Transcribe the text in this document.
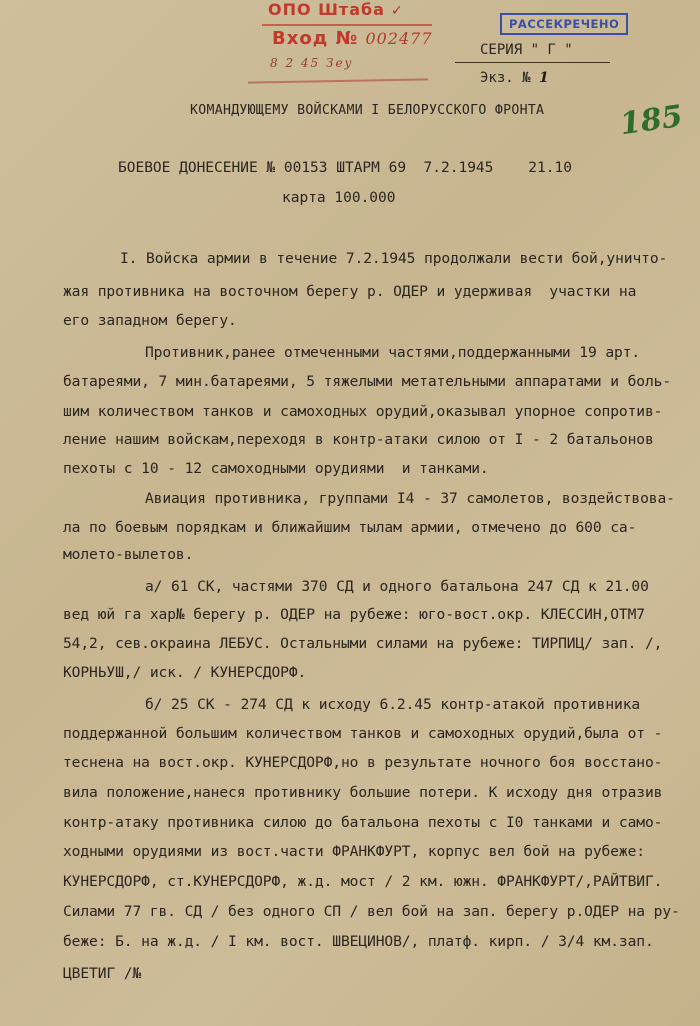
ОПО Штаба ✓
Вход № 002477
8 2 45 Зеу
РАССЕКРЕЧЕНО
СЕРИЯ " Г "
Экз. № 1
185
КОМАНДУЮЩЕМУ ВОЙСКАМИ I БЕЛОРУССКОГО ФРОНТА
БОЕВОЕ ДОНЕСЕНИЕ № 00153 ШТАРМ 69  7.2.1945    21.10
карта 100.000
I. Войска армии в течение 7.2.1945 продолжали вести бой,уничто-
жая противника на восточном берегу р. ОДЕР и удерживая  участки на
его западном берегу.
Противник,ранее отмеченными частями,поддержанными 19 арт.
батареями, 7 мин.батареями, 5 тяжелыми метательными аппаратами и боль-
шим количеством танков и самоходных орудий,оказывал упорное сопротив-
ление нашим войскам,переходя в контр-атаки силою от I - 2 батальонов
пехоты с 10 - 12 самоходными орудиями  и танками.
Авиация противника, группами I4 - 37 самолетов, воздействова-
ла по боевым порядкам и ближайшим тылам армии, отмечено до 600 са-
молето-вылетов.
а/ 61 СК, частями 370 СД и одного батальона 247 СД к 21.00
вед юй га хар№ берегу р. ОДЕР на рубеже: юго-вост.окр. КЛЕССИН,ОТМ7
54,2, сев.окраина ЛЕБУС. Остальными силами на рубеже: ТИРПИЦ/ зап. /,
КОРНЬУШ,/ иск. / КУНЕРСДОРФ.
б/ 25 СК - 274 СД к исходу 6.2.45 контр-атакой противника
поддержанной большим количеством танков и самоходных орудий,была от -
теснена на вост.окр. КУНЕРСДОРФ,но в результате ночного боя восстано-
вила положение,нанеся противнику большие потери. К исходу дня отразив
контр-атаку противника силою до батальона пехоты с I0 танками и само-
ходными орудиями из вост.части ФРАНКФУРТ, корпус вел бой на рубеже:
КУНЕРСДОРФ, ст.КУНЕРСДОРФ, ж.д. мост / 2 км. южн. ФРАНКФУРТ/,РАЙТВИГ.
Силами 77 гв. СД / без одного СП / вел бой на зап. берегу р.ОДЕР на ру-
беже: Б. на ж.д. / I км. вост. ШВЕЦИНОВ/, платф. кирп. / 3/4 км.зап.
ЦВЕТИГ /№
